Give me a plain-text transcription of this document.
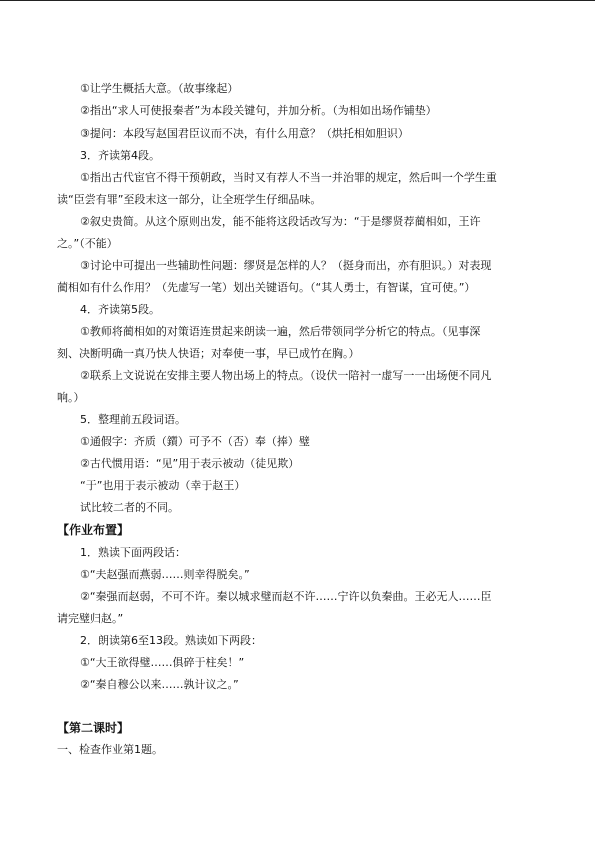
①让学生概括大意。（故事缘起）
②指出“求人可使报秦者”为本段关键句，并加分析。（为相如出场作铺垫）
③提问：本段写赵国君臣议而不决，有什么用意？（烘托相如胆识）
3．齐读第4段。
①指出古代宦官不得干预朝政，当时又有荐人不当一并治罪的规定，然后叫一个学生重
读“臣尝有罪”至段末这一部分，让全班学生仔细品味。
②叙史贵简。从这个原则出发，能不能将这段话改写为：“于是缪贤荐蔺相如，王许
之。”（不能）
③讨论中可提出一些辅助性问题：缪贤是怎样的人？（挺身而出，亦有胆识。）对表现
蔺相如有什么作用？（先虚写一笔）划出关键语句。（“其人勇士，有智谋，宜可使。”）
4．齐读第5段。
①教师将蔺相如的对策语连贯起来朗读一遍，然后带领同学分析它的特点。（见事深
刻、决断明确一真乃快人快语；对奉使一事，早已成竹在胸。）
②联系上文说说在安排主要人物出场上的特点。（设伏一陪衬一虚写一一出场便不同凡
响。）
5．整理前五段词语。
①通假字：齐质（鑕）可予不（否）奉（捧）璧
②古代惯用语：“见”用于表示被动（徒见欺）
“于”也用于表示被动（幸于赵王）
试比较二者的不同。
【作业布置】
1．熟读下面两段话：
①“夫赵强而燕弱……则幸得脱矣。”
②“秦强而赵弱，不可不许。秦以城求璧而赵不许……宁许以负秦曲。王必无人……臣
请完璧归赵。”
2．朗读第6至13段。熟读如下两段：
①“大王欲得璧……俱碎于柱矣！”
②“秦自穆公以来……孰计议之。”
【第二课时】
一、检查作业第1题。
